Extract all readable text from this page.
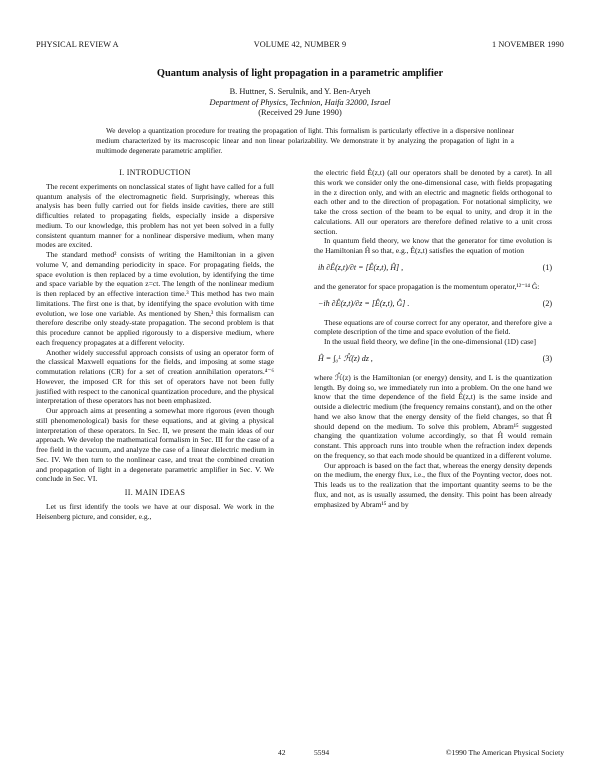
PHYSICAL REVIEW A	VOLUME 42, NUMBER 9	1 NOVEMBER 1990
Quantum analysis of light propagation in a parametric amplifier
B. Huttner, S. Serulnik, and Y. Ben-Aryeh
Department of Physics, Technion, Haifa 32000, Israel
(Received 29 June 1990)
We develop a quantization procedure for treating the propagation of light. This formalism is particularly effective in a dispersive nonlinear medium characterized by its macroscopic linear and non linear polarizability. We demonstrate it by analyzing the propagation of light in a multimode degenerate parametric amplifier.
I. INTRODUCTION

The recent experiments on nonclassical states of light have called for a full quantum analysis of the electromagnetic field. Surprisingly, whereas this analysis has been fully carried out for fields inside cavities, there are still difficulties related to propagating fields, especially inside a dispersive medium. To our knowledge, this problem has not yet been solved in a fully consistent quantum manner for a nonlinear dispersive medium, when many modes are excited.

The standard method² consists of writing the Hamiltonian in a given volume V, and demanding periodicity in space. For propagating fields, the space evolution is then replaced by a time evolution, by identifying the time and space variable by the equation z=ct. The length of the nonlinear medium is then replaced by an effective interaction time.³ This method has two main limitations. The first one is that, by identifying the space evolution with time evolution, we lose one variable. As mentioned by Shen,³ this formalism can therefore describe only steady-state propagation. The second problem is that this procedure cannot be applied rigorously to a dispersive medium, where each frequency propagates at a different velocity.

Another widely successful approach consists of using an operator form of the classical Maxwell equations for the fields, and imposing at some stage commutation relations (CR) for a set of creation annihilation operators.⁴⁻⁶ However, the imposed CR for this set of operators have not been fully justified with respect to the canonical quantization procedure, and the physical interpretation of these operators has not been emphasized.

Our approach aims at presenting a somewhat more rigorous (even though still phenomenological) basis for these equations, and at giving a physical interpretation of these operators. In Sec. II, we present the main ideas of our approach. We develop the mathematical formalism in Sec. III for the case of a free field in the vacuum, and analyze the case of a linear dielectric medium in Sec. IV. We then turn to the nonlinear case, and treat the combined creation and propagation of light in a degenerate parametric amplifier in Sec. V. We conclude in Sec. VI.

II. MAIN IDEAS

Let us first identify the tools we have at our disposal. We work in the Heisenberg picture, and consider, e.g.,

the electric field Ê(z,t) (all our operators shall be denoted by a caret). In all this work we consider only the one-dimensional case, with fields propagating in the z direction only, and with an electric and magnetic fields orthogonal to each other and to the direction of propagation. For notational simplicity, we take the cross section of the beam to be equal to unity, and drop it in the calculations. All our operators are therefore defined relative to a unit cross section.

In quantum field theory, we know that the generator for time evolution is the Hamiltonian Ĥ so that, e.g., Ê(z,t) satisfies the equation of motion

iħ ∂Ê(z,t)/∂t = [Ê(z,t), Ĥ] ,	(1)

and the generator for space propagation is the momentum operator,¹²⁻¹⁴ Ĝ:

−iħ ∂Ê(z,t)/∂z = [Ê(z,t), Ĝ] .	(2)

These equations are of course correct for any operator, and therefore give a complete description of the time and space evolution of the field.

In the usual field theory, we define [in the one-dimensional (1D) case]

Ĥ = ∫₀ᴸ ℋ̂(z) dz ,	(3)

where ℋ̂(z) is the Hamiltonian (or energy) density, and L is the quantization length. By doing so, we immediately run into a problem. On the one hand we know that the time dependence of the field Ê(z,t) is the same inside and outside a dielectric medium (the frequency remains constant), and on the other hand we also know that the energy density of the field changes, so that Ĥ should depend on the medium. To solve this problem, Abram¹⁵ suggested changing the quantization volume accordingly, so that Ĥ would remain constant. This approach runs into trouble when the refraction index depends on the frequency, so that each mode should be quantized in a different volume.

Our approach is based on the fact that, whereas the energy density depends on the medium, the energy flux, i.e., the flux of the Poynting vector, does not. This leads us to the realization that the important quantity seems to be the flux, and not, as is usually assumed, the density. This point has been already emphasized by Abram¹⁵ and by

42	5594	©1990 The American Physical Society
